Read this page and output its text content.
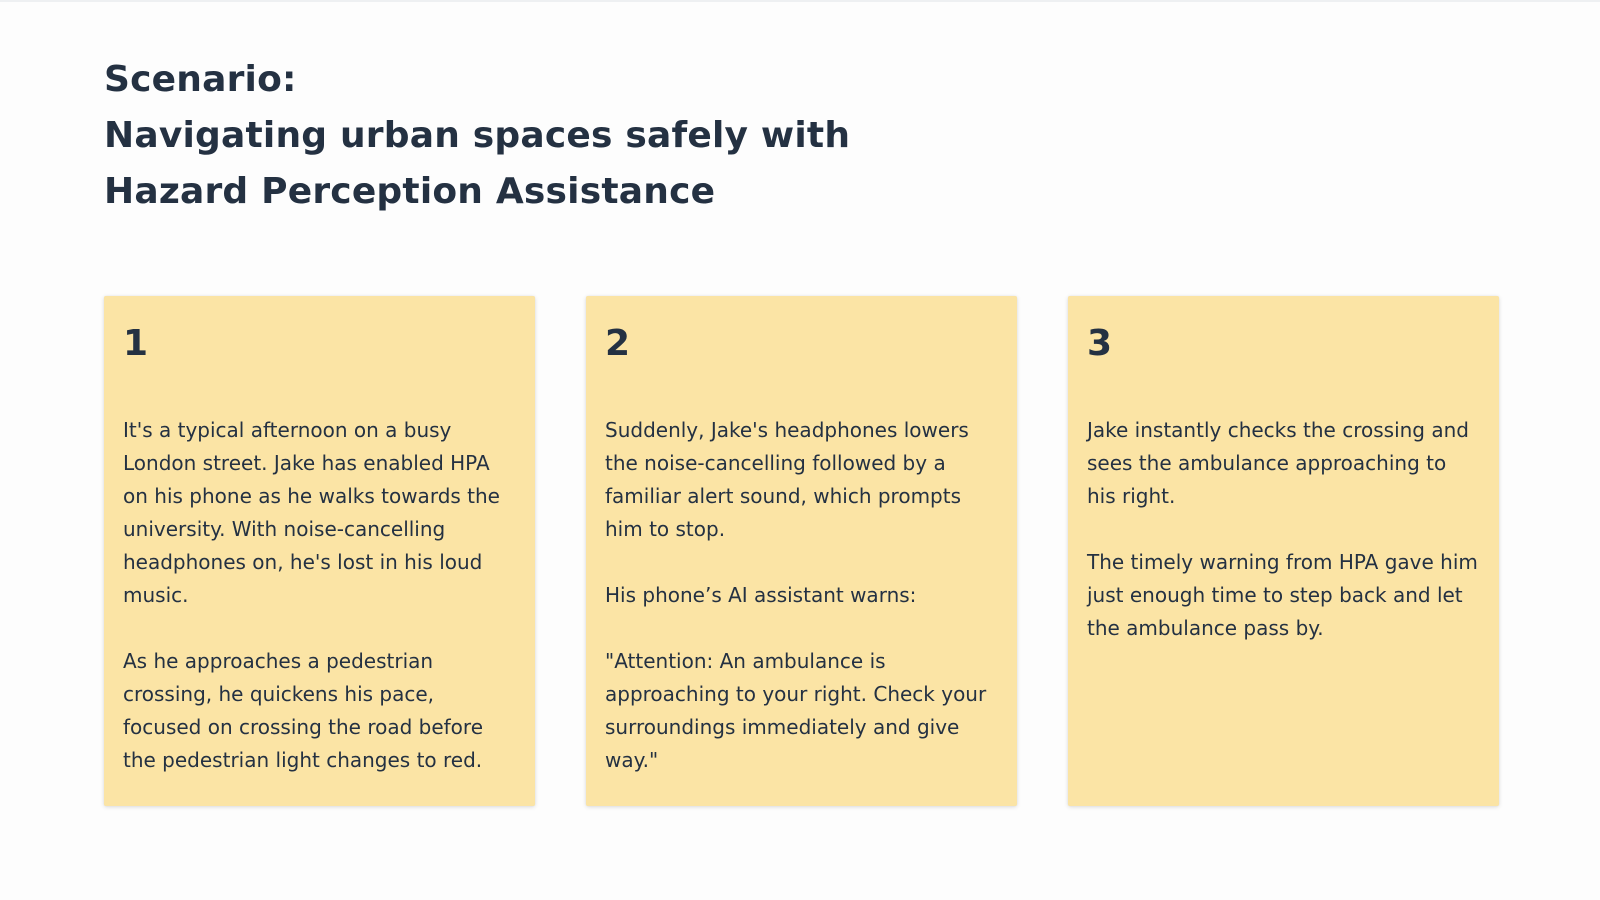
Scenario:
Navigating urban spaces safely with
Hazard Perception Assistance
1

It's a typical afternoon on a busy London street. Jake has enabled HPA on his phone as he walks towards the university. With noise-cancelling headphones on, he's lost in his loud music.

As he approaches a pedestrian crossing, he quickens his pace, focused on crossing the road before the pedestrian light changes to red.

2

Suddenly, Jake's headphones lowers the noise-cancelling followed by a familiar alert sound, which prompts him to stop.

His phone’s AI assistant warns:

"Attention: An ambulance is approaching to your right. Check your surroundings immediately and give way."

3

Jake instantly checks the crossing and sees the ambulance approaching to his right.

The timely warning from HPA gave him just enough time to step back and let the ambulance pass by.
